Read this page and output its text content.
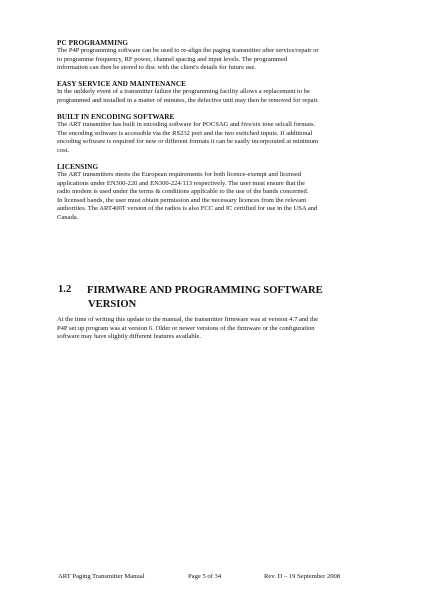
PC PROGRAMMING
The P4P programming software can be used to re-align the paging transmitter after service/repair or
to programme frequency, RF power, channel spacing and input levels. The programmed
information can then be stored to disc with the client's details for future use.
EASY SERVICE AND MAINTENANCE
In the unlikely event of a transmitter failure the programming facility allows a replacement to be
programmed and installed in a matter of minutes, the defective unit may then be removed for repair.
BUILT IN ENCODING SOFTWARE
The ART transmitter has built in encoding software for POCSAG and five/six tone selcall formats.
The encoding software is accessible via the RS232 port and the two switched inputs. If additional
encoding software is required for new or different formats it can be easily incorporated at minimum
cost.
LICENSING
The ART transmitters meets the European requirements for both licence-exempt and licensed
applications under EN300-220 and EN300-224/113 respectively. The user must ensure that the
radio modem is used under the terms & conditions applicable to the use of the bands concerned.
In licensed bands, the user must obtain permission and the necessary licences from the relevant
authorities. The ART400T version of the radios is also FCC and IC certified for use in the USA and
Canada.
1.2 FIRMWARE AND PROGRAMMING SOFTWARE
VERSION
At the time of writing this update to the manual, the transmitter firmware was at version 4.7 and the
P4P set up program was at version 6. Older or newer versions of the firmware or the configuration
software may have slightly different features available.
ART Paging Transmitter Manual	Page 5 of 34	Rev. D – 19 September 2008
